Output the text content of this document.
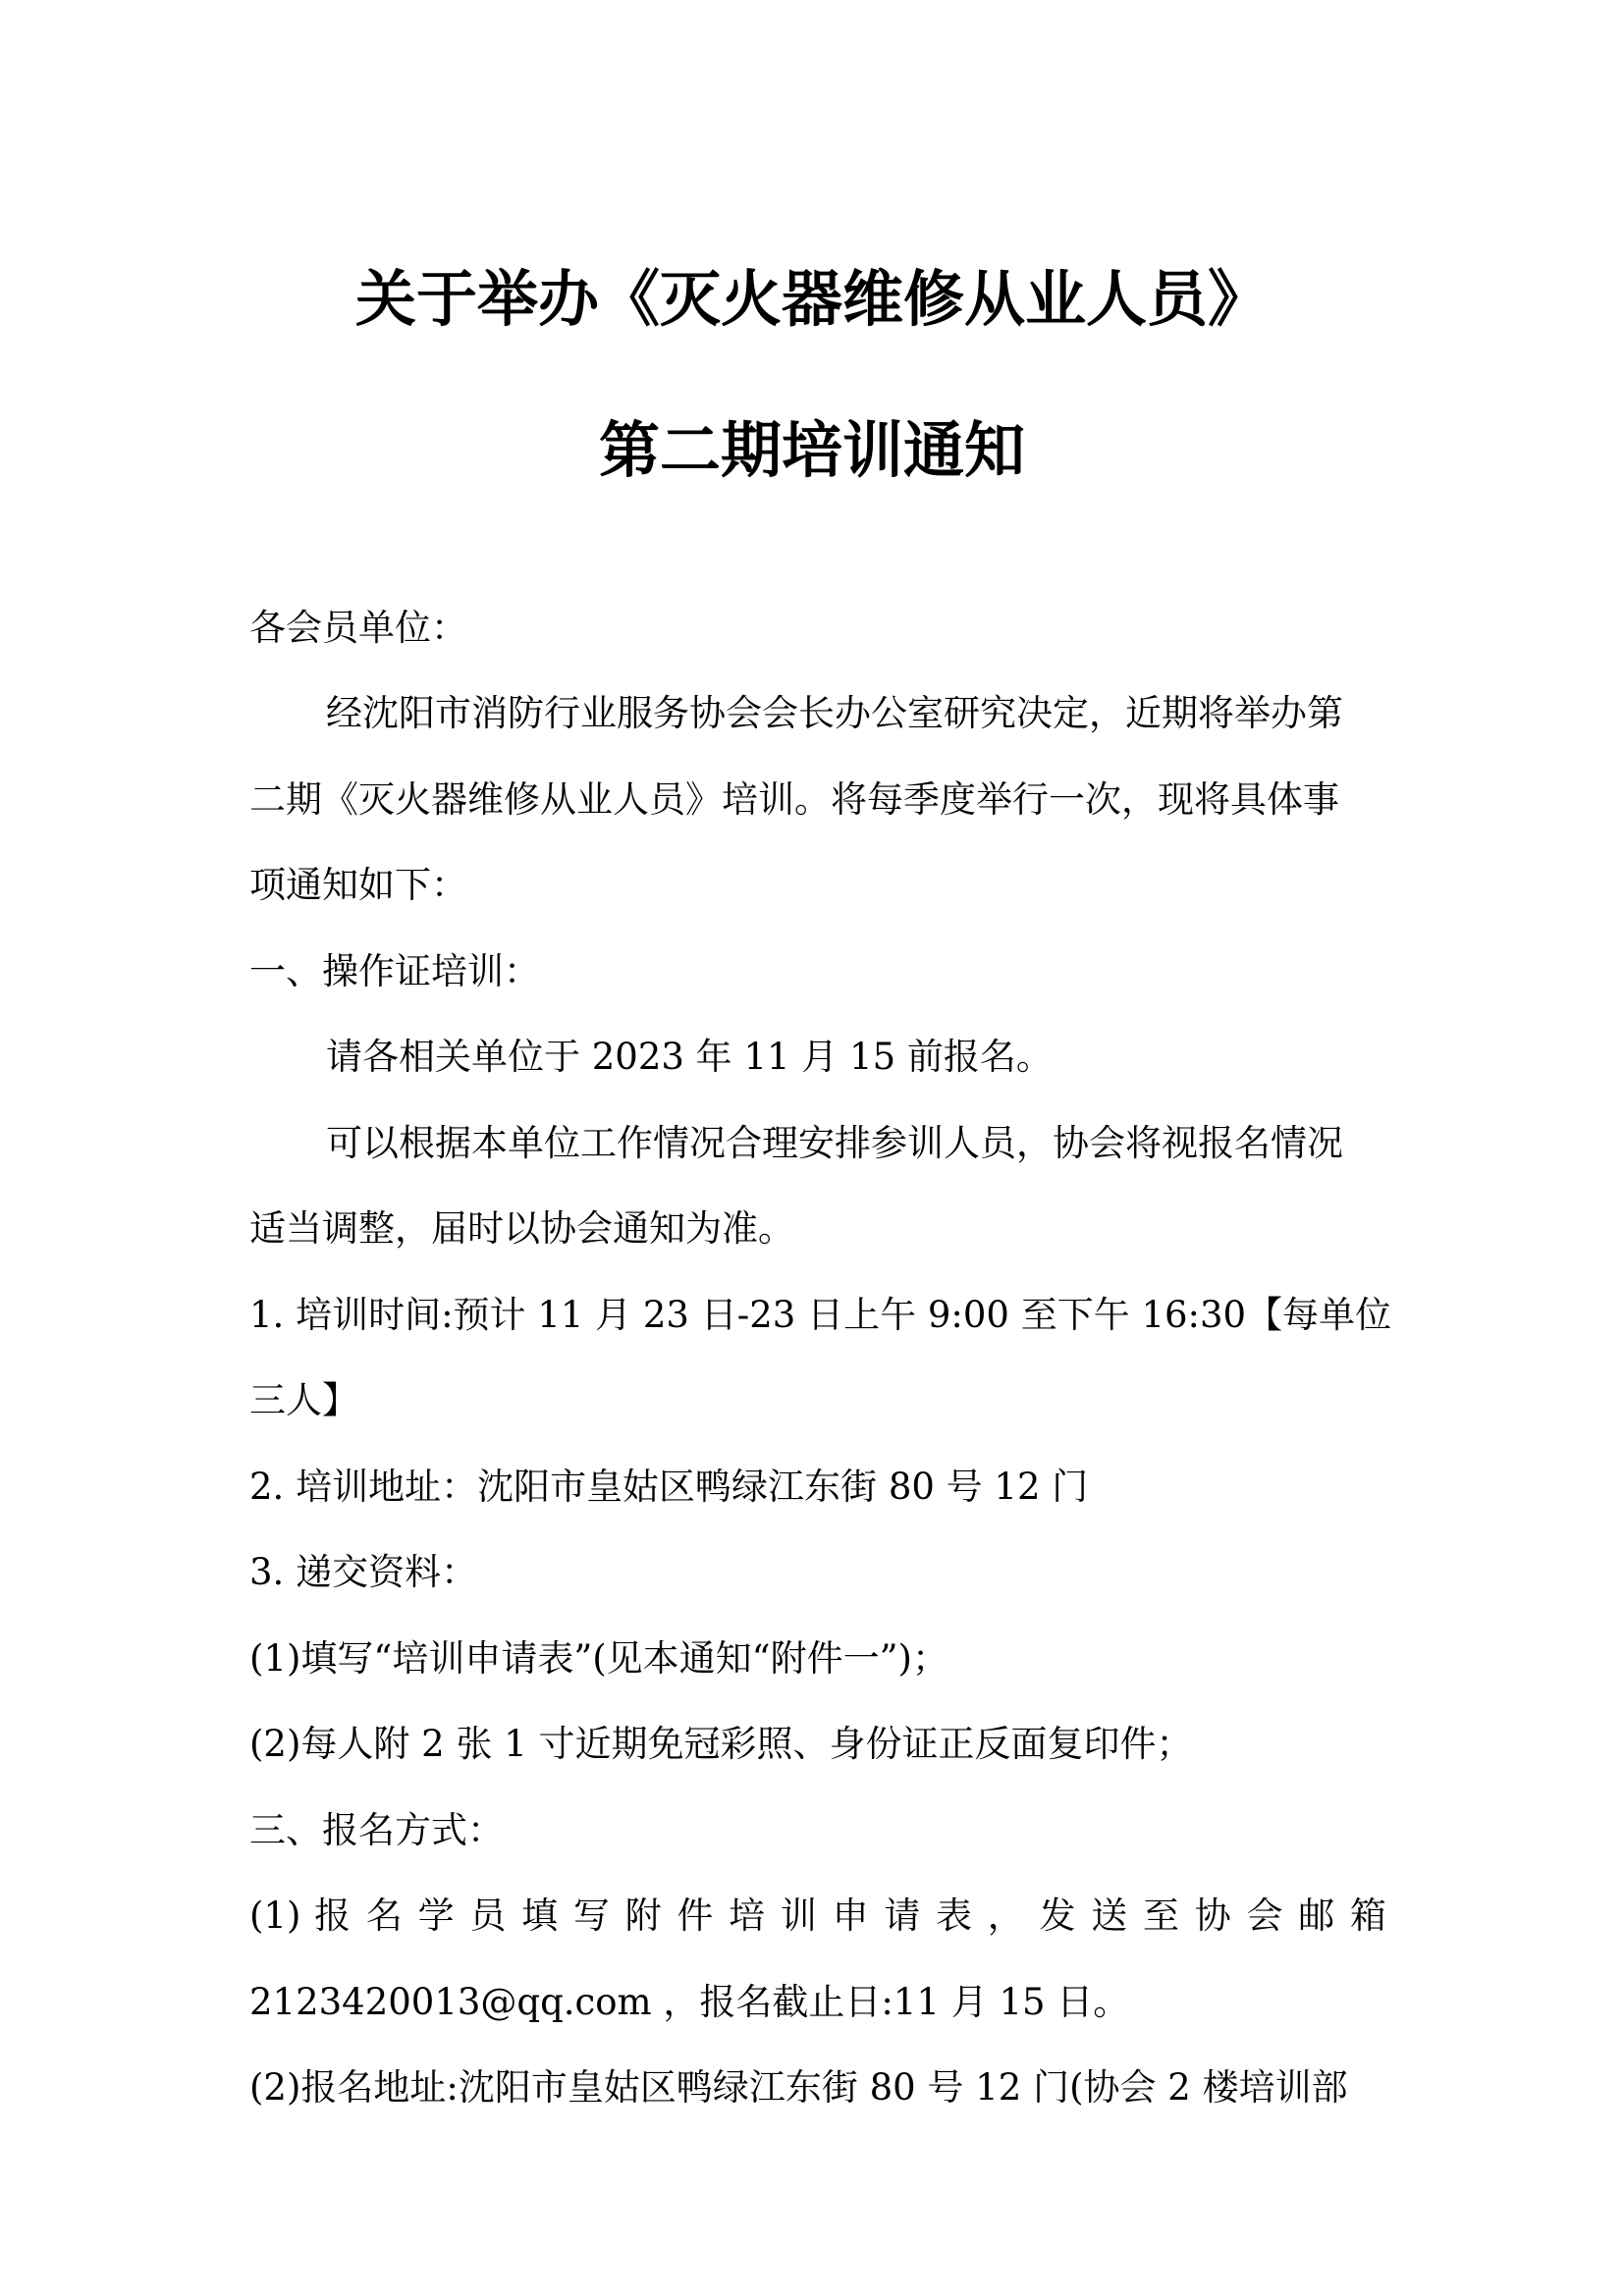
关于举办《灭火器维修从业人员》
第二期培训通知
各会员单位：
经沈阳市消防行业服务协会会长办公室研究决定，近期将举办第
二期《灭火器维修从业人员》培训。将每季度举行一次，现将具体事
项通知如下：
一、操作证培训：
请各相关单位于 2023 年 11 月 15 前报名。
可以根据本单位工作情况合理安排参训人员，协会将视报名情况
适当调整，届时以协会通知为准。
1. 培训时间:预计 11 月 23 日-23 日上午 9:00 至下午 16:30【每单位
三人】
2. 培训地址：沈阳市皇姑区鸭绿江东街 80 号 12 门
3. 递交资料：
(1)填写“培训申请表”(见本通知“附件一”)；
(2)每人附 2 张 1 寸近期免冠彩照、身份证正反面复印件；
三、报名方式：
(1) 报 名 学 员 填 写 附 件 培 训 申 请 表 ， 发 送 至 协 会 邮 箱
2123420013@qq.com ，报名截止日:11 月 15 日。
(2)报名地址:沈阳市皇姑区鸭绿江东街 80 号 12 门(协会 2 楼培训部
